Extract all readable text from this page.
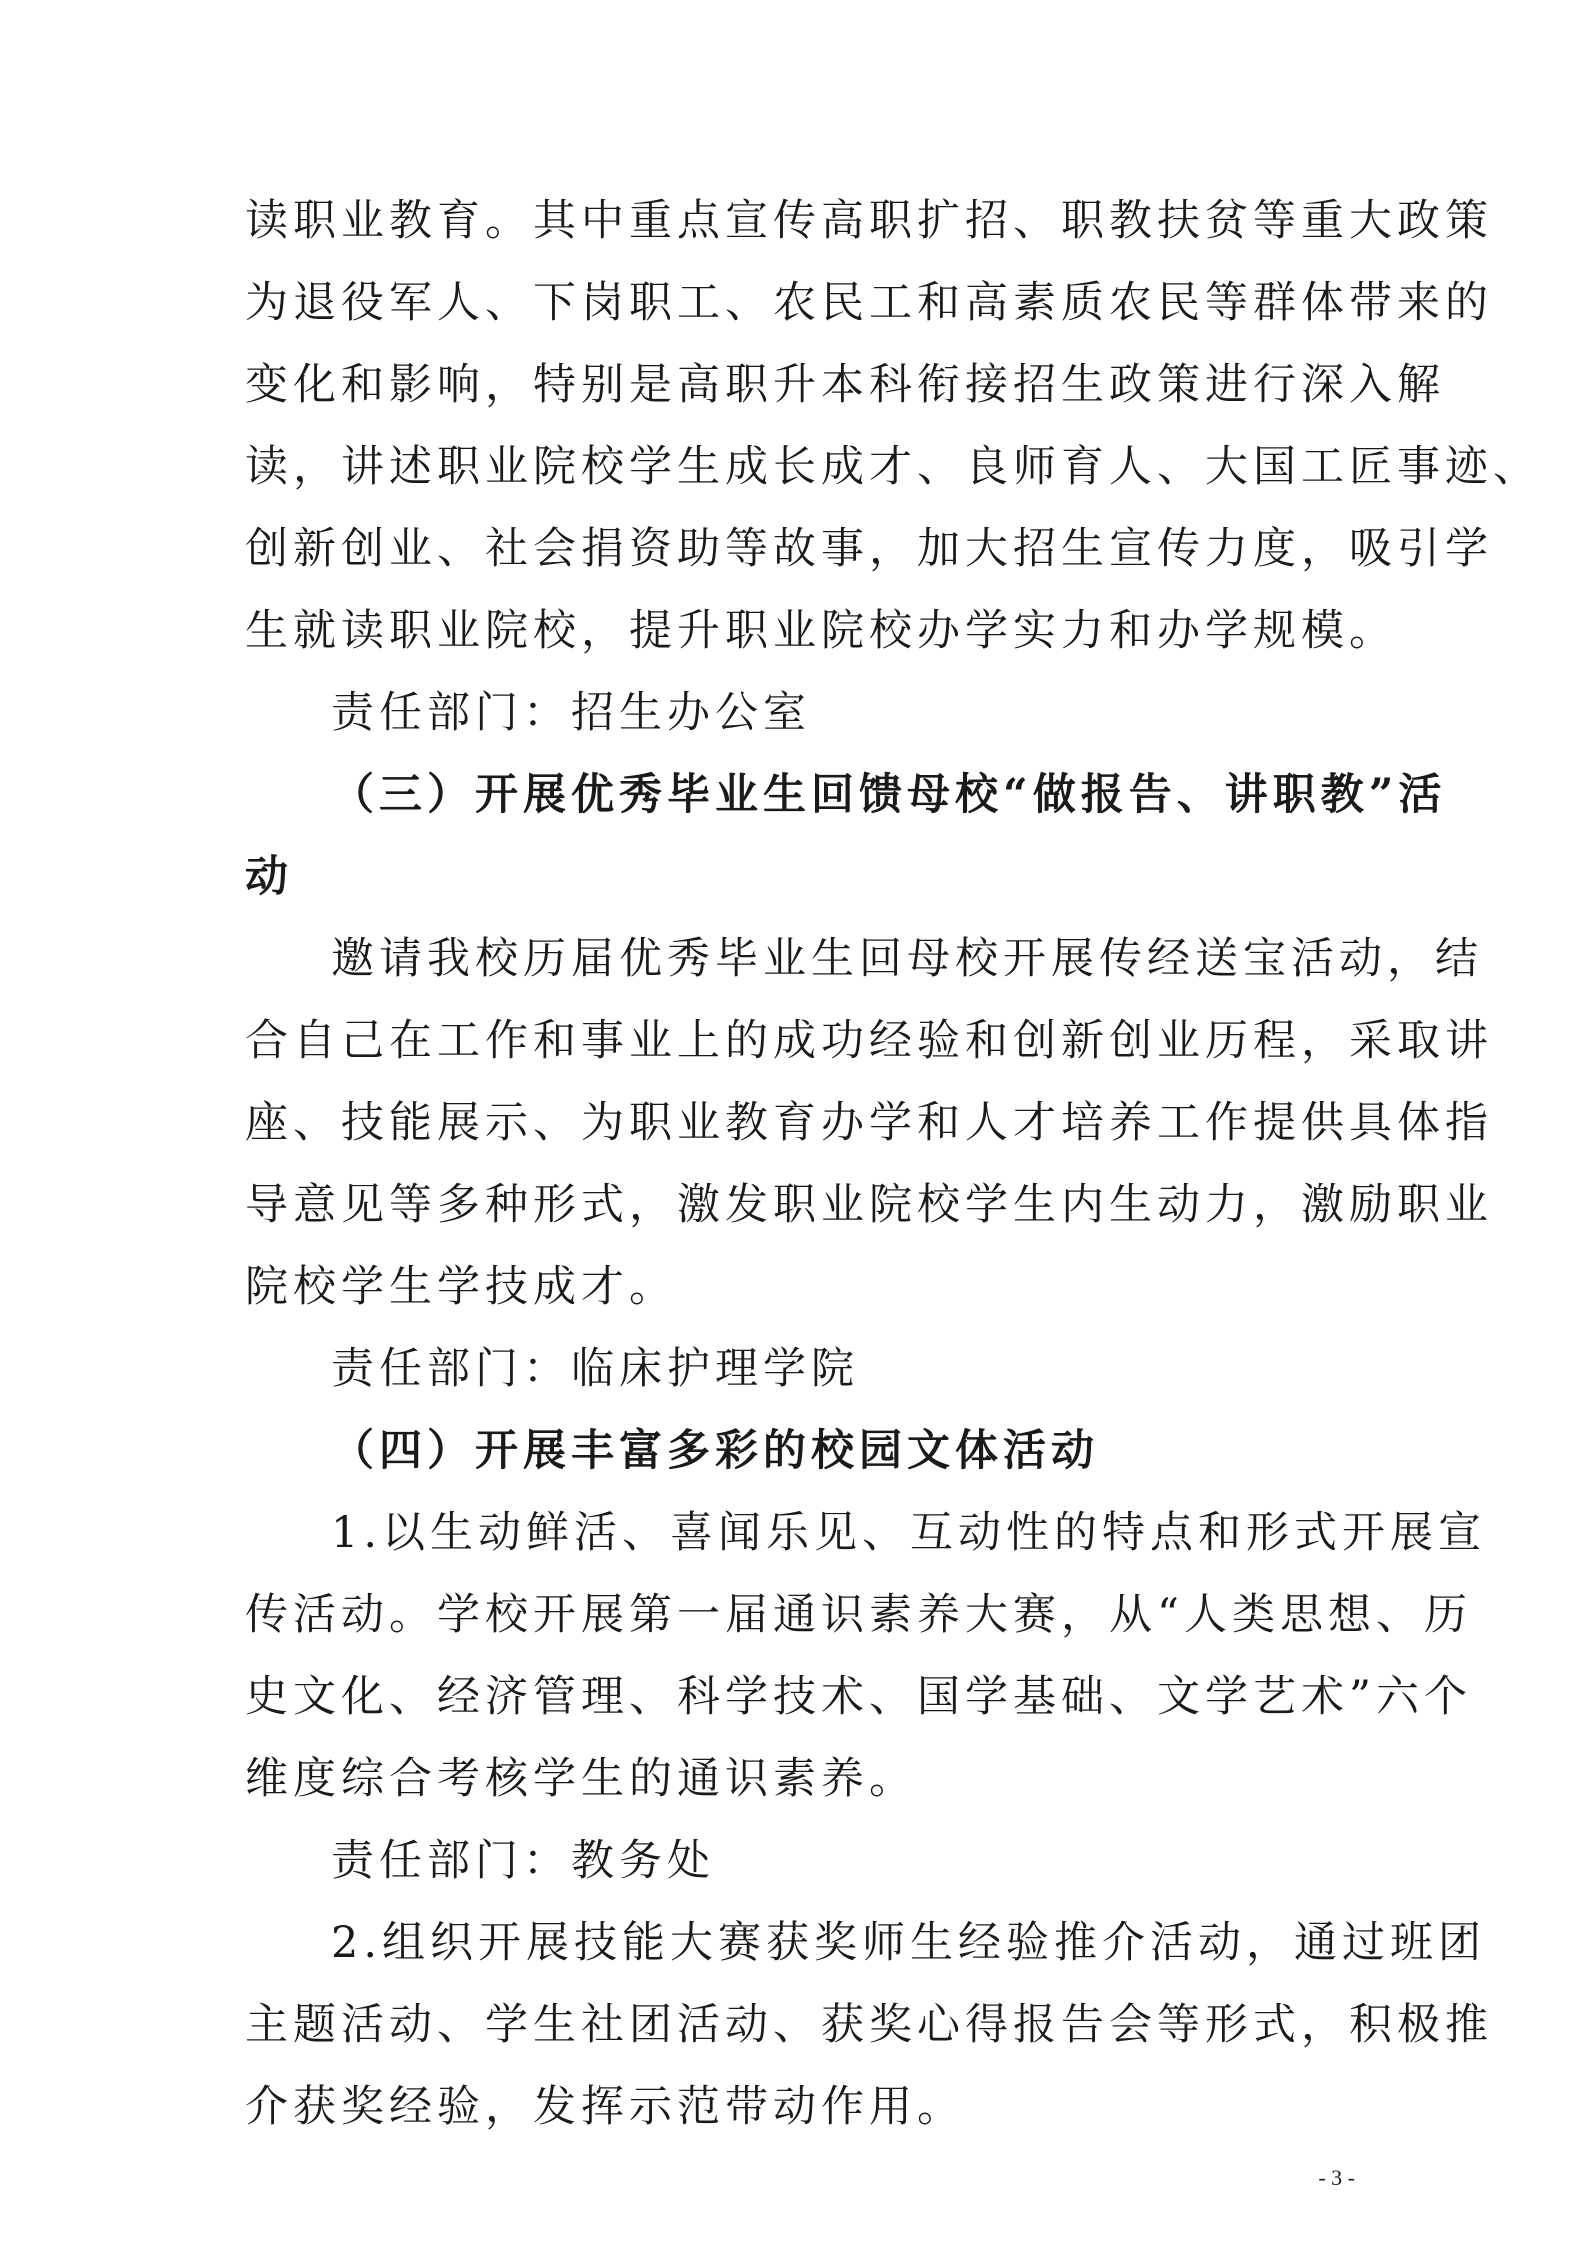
读职业教育。其中重点宣传高职扩招、职教扶贫等重大政策
为退役军人、下岗职工、农民工和高素质农民等群体带来的
变化和影响，特别是高职升本科衔接招生政策进行深入解
读，讲述职业院校学生成长成才、良师育人、大国工匠事迹、
创新创业、社会捐资助等故事，加大招生宣传力度，吸引学
生就读职业院校，提升职业院校办学实力和办学规模。
责任部门：招生办公室
（三）开展优秀毕业生回馈母校“做报告、讲职教”活
动
邀请我校历届优秀毕业生回母校开展传经送宝活动，结
合自己在工作和事业上的成功经验和创新创业历程，采取讲
座、技能展示、为职业教育办学和人才培养工作提供具体指
导意见等多种形式，激发职业院校学生内生动力，激励职业
院校学生学技成才。
责任部门：临床护理学院
（四）开展丰富多彩的校园文体活动
1.以生动鲜活、喜闻乐见、互动性的特点和形式开展宣
传活动。学校开展第一届通识素养大赛，从“人类思想、历
史文化、经济管理、科学技术、国学基础、文学艺术”六个
维度综合考核学生的通识素养。
责任部门：教务处
2.组织开展技能大赛获奖师生经验推介活动，通过班团
主题活动、学生社团活动、获奖心得报告会等形式，积极推
介获奖经验，发挥示范带动作用。
- 3 -
